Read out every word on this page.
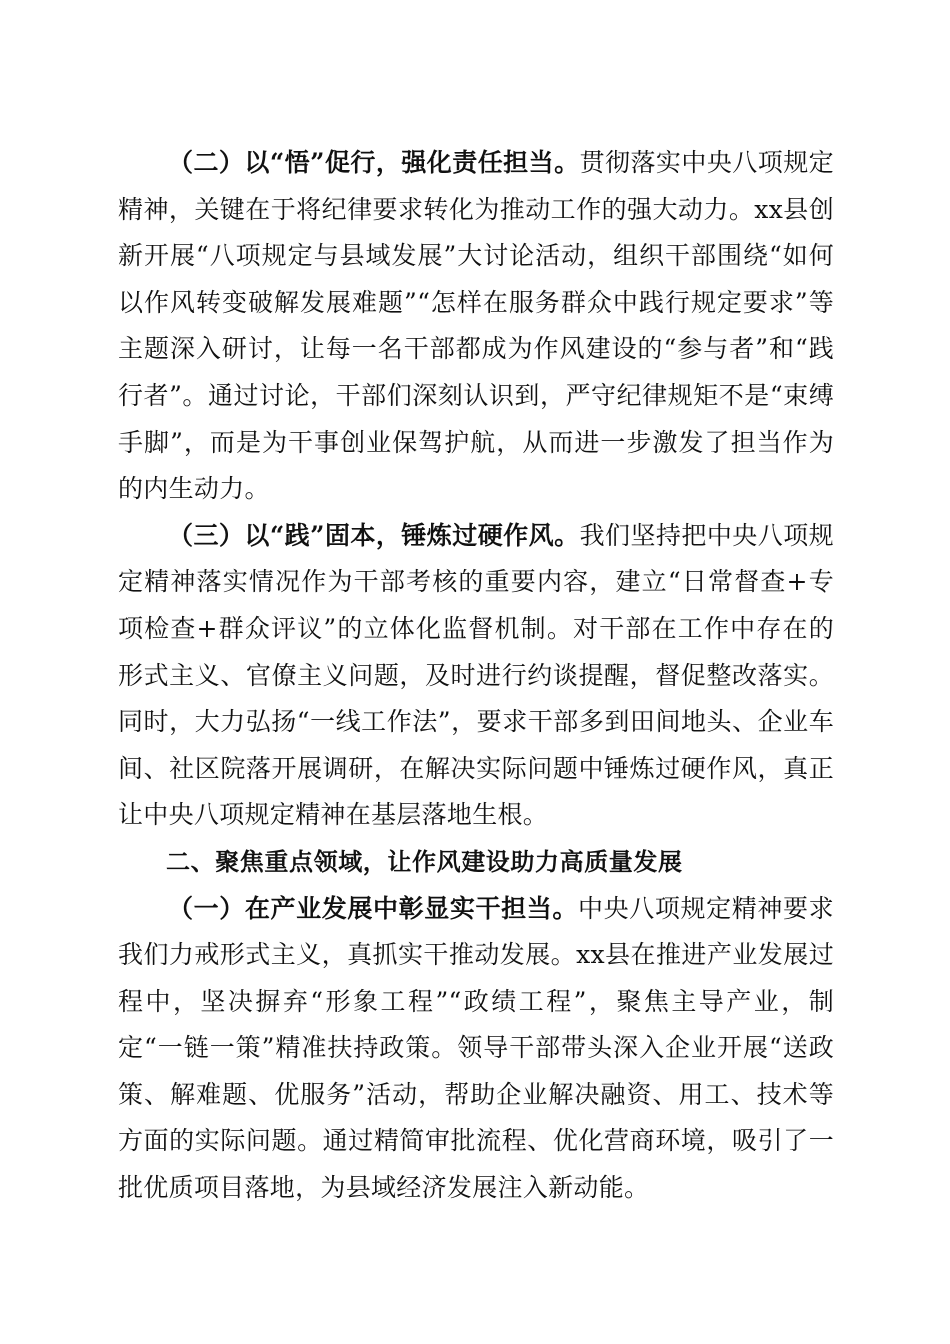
（二）以“悟”促行，强化责任担当。贯彻落实中央八项规定精神，关键在于将纪律要求转化为推动工作的强大动力。xx县创新开展“八项规定与县域发展”大讨论活动，组织干部围绕“如何以作风转变破解发展难题”“怎样在服务群众中践行规定要求”等主题深入研讨，让每一名干部都成为作风建设的“参与者”和“践行者”。通过讨论，干部们深刻认识到，严守纪律规矩不是“束缚手脚”，而是为干事创业保驾护航，从而进一步激发了担当作为的内生动力。

（三）以“践”固本，锤炼过硬作风。我们坚持把中央八项规定精神落实情况作为干部考核的重要内容，建立“日常督查+专项检查+群众评议”的立体化监督机制。对干部在工作中存在的形式主义、官僚主义问题，及时进行约谈提醒，督促整改落实。同时，大力弘扬“一线工作法”，要求干部多到田间地头、企业车间、社区院落开展调研，在解决实际问题中锤炼过硬作风，真正让中央八项规定精神在基层落地生根。

二、聚焦重点领域，让作风建设助力高质量发展

（一）在产业发展中彰显实干担当。中央八项规定精神要求我们力戒形式主义，真抓实干推动发展。xx县在推进产业发展过程中，坚决摒弃“形象工程”“政绩工程”，聚焦主导产业，制定“一链一策”精准扶持政策。领导干部带头深入企业开展“送政策、解难题、优服务”活动，帮助企业解决融资、用工、技术等方面的实际问题。通过精简审批流程、优化营商环境，吸引了一批优质项目落地，为县域经济发展注入新动能。
